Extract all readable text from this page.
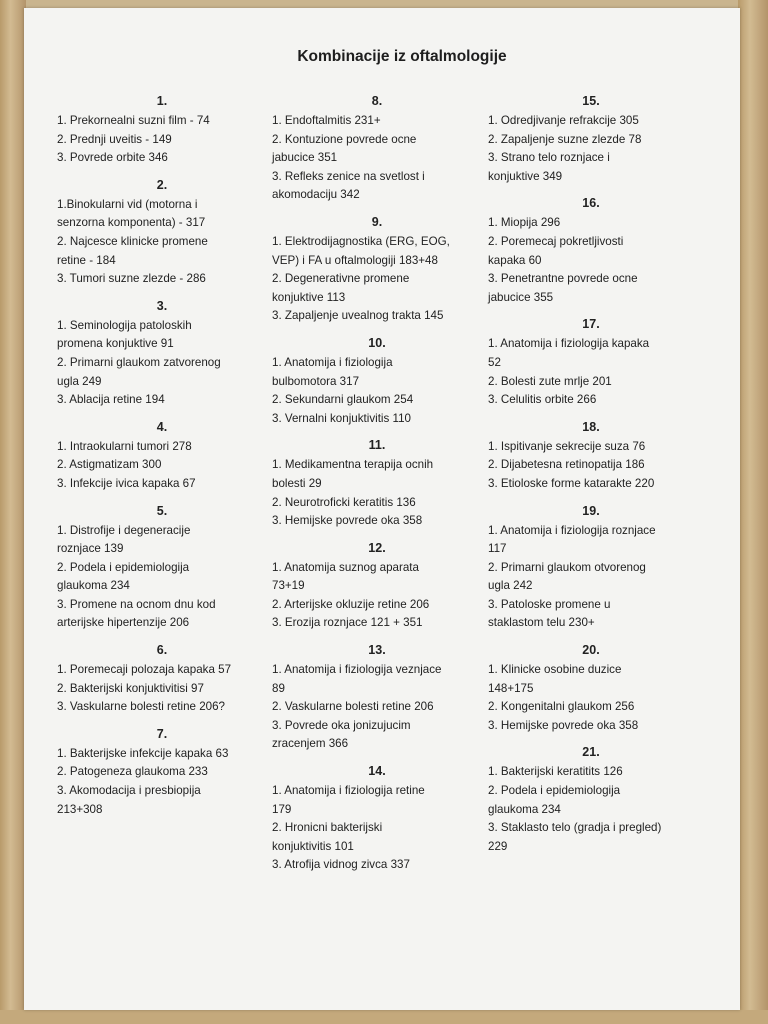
Kombinacije iz oftalmologije
1.
1. Prekornealni suzni film - 74
2. Prednji uveitis - 149
3. Povrede orbite 346
2.
1.Binokularni vid (motorna i
senzorna komponenta) - 317
2. Najcesce klinicke promene
retine - 184
3. Tumori suzne zlezde - 286
3.
1. Seminologija patoloskih
promena konjuktive 91
2. Primarni glaukom zatvorenog
ugla 249
3. Ablacija retine 194
4.
1. Intraokularni tumori 278
2. Astigmatizam 300
3. Infekcije ivica kapaka 67
5.
1. Distrofije i degeneracije
roznjace 139
2. Podela i epidemiologija
glaukoma 234
3. Promene na ocnom dnu kod
arterijske hipertenzije 206
6.
1. Poremecaji polozaja kapaka 57
2. Bakterijski konjuktivitisi 97
3. Vaskularne bolesti retine 206?
7.
1. Bakterijske infekcije kapaka 63
2. Patogeneza glaukoma 233
3. Akomodacija i presbiopija
213+308
8.
1. Endoftalmitis 231+
2. Kontuzione povrede ocne
jabucice 351
3. Refleks zenice na svetlost i
akomodaciju 342
9.
1. Elektrodijagnostika (ERG, EOG,
VEP) i FA u oftalmologiji 183+48
2. Degenerativne promene
konjuktive 113
3. Zapaljenje uvealnog trakta 145
10.
1. Anatomija i fiziologija
bulbomotora 317
2. Sekundarni glaukom 254
3. Vernalni konjuktivitis 110
11.
1. Medikamentna terapija ocnih
bolesti 29
2. Neurotroficki keratitis 136
3. Hemijske povrede oka 358
12.
1. Anatomija suznog aparata
73+19
2. Arterijske okluzije retine 206
3. Erozija roznjace 121 + 351
13.
1. Anatomija i fiziologija veznjace
89
2. Vaskularne bolesti retine 206
3. Povrede oka jonizujucim
zracenjem 366
14.
1. Anatomija i fiziologija retine
179
2. Hronicni bakterijski
konjuktivitis 101
3. Atrofija vidnog zivca 337
15.
1. Odredjivanje refrakcije 305
2. Zapaljenje suzne zlezde 78
3. Strano telo roznjace i
konjuktive 349
16.
1. Miopija 296
2. Poremecaj pokretljivosti
kapaka 60
3. Penetrantne povrede ocne
jabucice 355
17.
1. Anatomija i fiziologija kapaka
52
2. Bolesti zute mrlje 201
3. Celulitis orbite 266
18.
1. Ispitivanje sekrecije suza 76
2. Dijabetesna retinopatija 186
3. Etioloske forme katarakte 220
19.
1. Anatomija i fiziologija roznjace
117
2. Primarni glaukom otvorenog
ugla 242
3. Patoloske promene u
staklastom telu 230+
20.
1. Klinicke osobine duzice
148+175
2. Kongenitalni glaukom 256
3. Hemijske povrede oka 358
21.
1. Bakterijski keratitits 126
2. Podela i epidemiologija
glaukoma 234
3. Staklasto telo (gradja i pregled)
229
